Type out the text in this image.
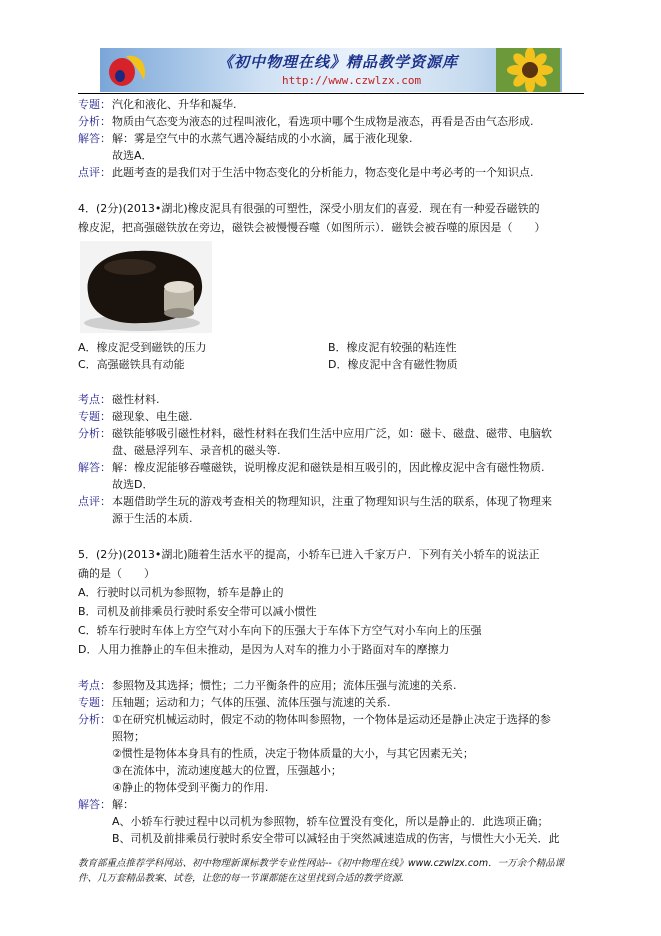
《初中物理在线》精品教学资源库
http://www.czwlzx.com
专题： 汽化和液化、升华和凝华.
分析： 物质由气态变为液态的过程叫液化，看选项中哪个生成物是液态，再看是否由气态形成.
解答： 解：雾是空气中的水蒸气遇冷凝结成的小水滴，属于液化现象.
故选A．
点评： 此题考查的是我们对于生活中物态变化的分析能力，物态变化是中考必考的一个知识点.
4．(2分)(2013•湖北)橡皮泥具有很强的可塑性，深受小朋友们的喜爱．现在有一种爱吞磁铁的
橡皮泥，把高强磁铁放在旁边，磁铁会被慢慢吞噬（如图所示）．磁铁会被吞噬的原因是（　　）
A．橡皮泥受到磁铁的压力	B．橡皮泥有较强的粘连性
C．高强磁铁具有动能	D．橡皮泥中含有磁性物质
考点： 磁性材料.
专题： 磁现象、电生磁.
分析： 磁铁能够吸引磁性材料，磁性材料在我们生活中应用广泛，如：磁卡、磁盘、磁带、电脑软
盘、磁悬浮列车、录音机的磁头等.
解答： 解：橡皮泥能够吞噬磁铁，说明橡皮泥和磁铁是相互吸引的，因此橡皮泥中含有磁性物质.
故选D．
点评： 本题借助学生玩的游戏考查相关的物理知识，注重了物理知识与生活的联系，体现了物理来
源于生活的本质.
5．(2分)(2013•湖北)随着生活水平的提高，小轿车已进入千家万户．下列有关小轿车的说法正
确的是（　　）
A．行驶时以司机为参照物，轿车是静止的
B．司机及前排乘员行驶时系安全带可以减小惯性
C．轿车行驶时车体上方空气对小车向下的压强大于车体下方空气对小车向上的压强
D．人用力推静止的车但未推动，是因为人对车的推力小于路面对车的摩擦力
考点： 参照物及其选择；惯性；二力平衡条件的应用；流体压强与流速的关系.
专题： 压轴题；运动和力；气体的压强、流体压强与流速的关系.
分析： ①在研究机械运动时，假定不动的物体叫参照物，一个物体是运动还是静止决定于选择的参
照物；
②惯性是物体本身具有的性质，决定于物体质量的大小，与其它因素无关；
③在流体中，流动速度越大的位置，压强越小；
④静止的物体受到平衡力的作用.
解答： 解：
A、小轿车行驶过程中以司机为参照物，轿车位置没有变化，所以是静止的．此选项正确；
B、司机及前排乘员行驶时系安全带可以减轻由于突然减速造成的伤害，与惯性大小无关．此
教育部重点推荐学科网站、初中物理新课标教学专业性网站--《初中物理在线》www.czwlzx.com．一万余个精品课
件、几万套精品教案、试卷，让您的每一节课都能在这里找到合适的教学资源.
